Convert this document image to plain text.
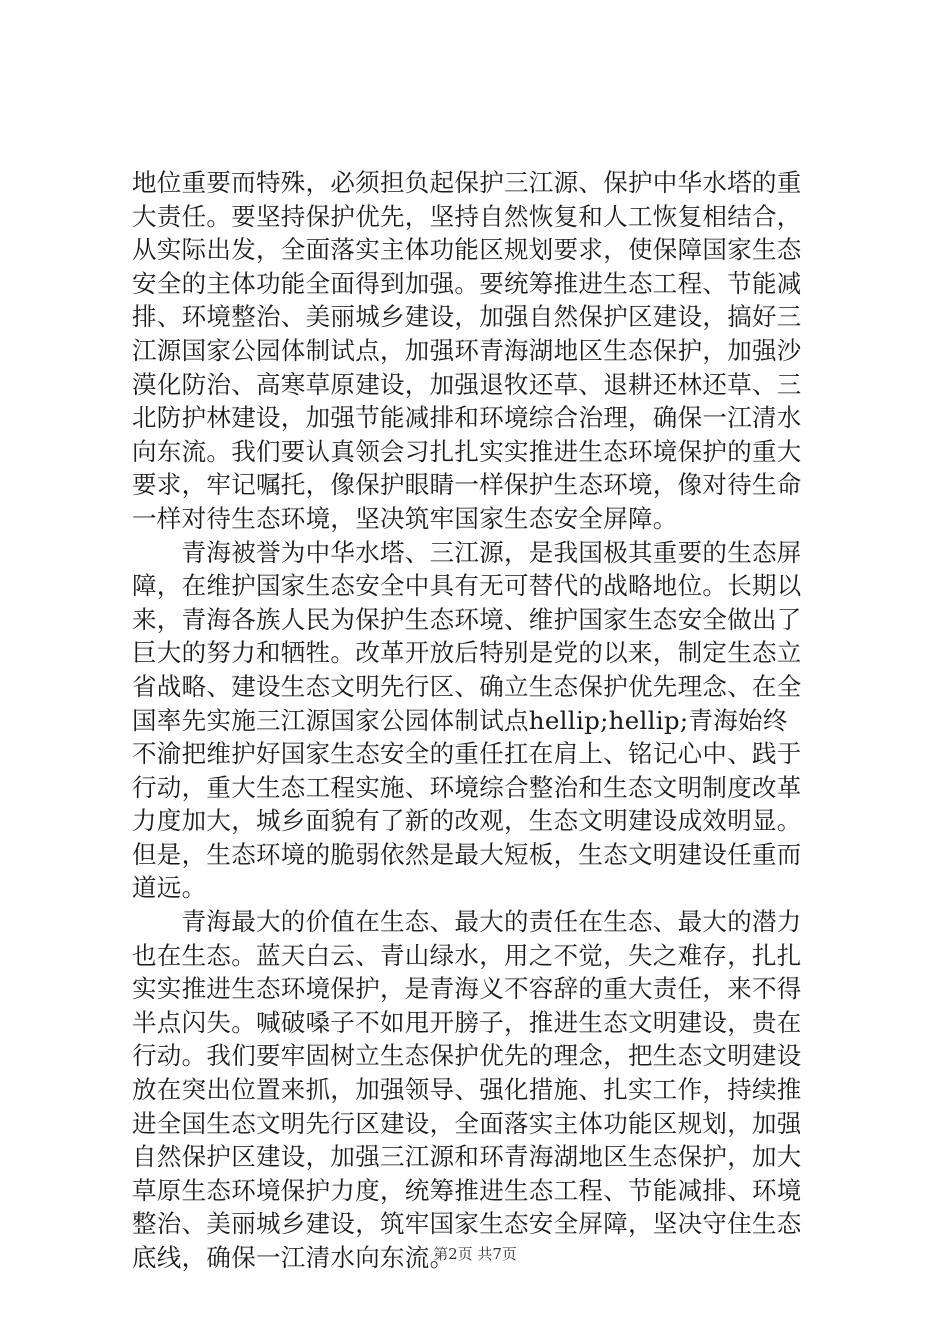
地位重要而特殊，必须担负起保护三江源、保护中华水塔的重
大责任。要坚持保护优先，坚持自然恢复和人工恢复相结合，
从实际出发，全面落实主体功能区规划要求，使保障国家生态
安全的主体功能全面得到加强。要统筹推进生态工程、节能减
排、环境整治、美丽城乡建设，加强自然保护区建设，搞好三
江源国家公园体制试点，加强环青海湖地区生态保护，加强沙
漠化防治、高寒草原建设，加强退牧还草、退耕还林还草、三
北防护林建设，加强节能减排和环境综合治理，确保一江清水
向东流。我们要认真领会习扎扎实实推进生态环境保护的重大
要求，牢记嘱托，像保护眼睛一样保护生态环境，像对待生命
一样对待生态环境，坚决筑牢国家生态安全屏障。
　　青海被誉为中华水塔、三江源，是我国极其重要的生态屏
障，在维护国家生态安全中具有无可替代的战略地位。长期以
来，青海各族人民为保护生态环境、维护国家生态安全做出了
巨大的努力和牺牲。改革开放后特别是党的以来，制定生态立
省战略、建设生态文明先行区、确立生态保护优先理念、在全
国率先实施三江源国家公园体制试点hellip;hellip;青海始终
不渝把维护好国家生态安全的重任扛在肩上、铭记心中、践于
行动，重大生态工程实施、环境综合整治和生态文明制度改革
力度加大，城乡面貌有了新的改观，生态文明建设成效明显。
但是，生态环境的脆弱依然是最大短板，生态文明建设任重而
道远。
　　青海最大的价值在生态、最大的责任在生态、最大的潜力
也在生态。蓝天白云、青山绿水，用之不觉，失之难存，扎扎
实实推进生态环境保护，是青海义不容辞的重大责任，来不得
半点闪失。喊破嗓子不如甩开膀子，推进生态文明建设，贵在
行动。我们要牢固树立生态保护优先的理念，把生态文明建设
放在突出位置来抓，加强领导、强化措施、扎实工作，持续推
进全国生态文明先行区建设，全面落实主体功能区规划，加强
自然保护区建设，加强三江源和环青海湖地区生态保护，加大
草原生态环境保护力度，统筹推进生态工程、节能减排、环境
整治、美丽城乡建设，筑牢国家生态安全屏障，坚决守住生态
底线，确保一江清水向东流。
第2页 共7页
